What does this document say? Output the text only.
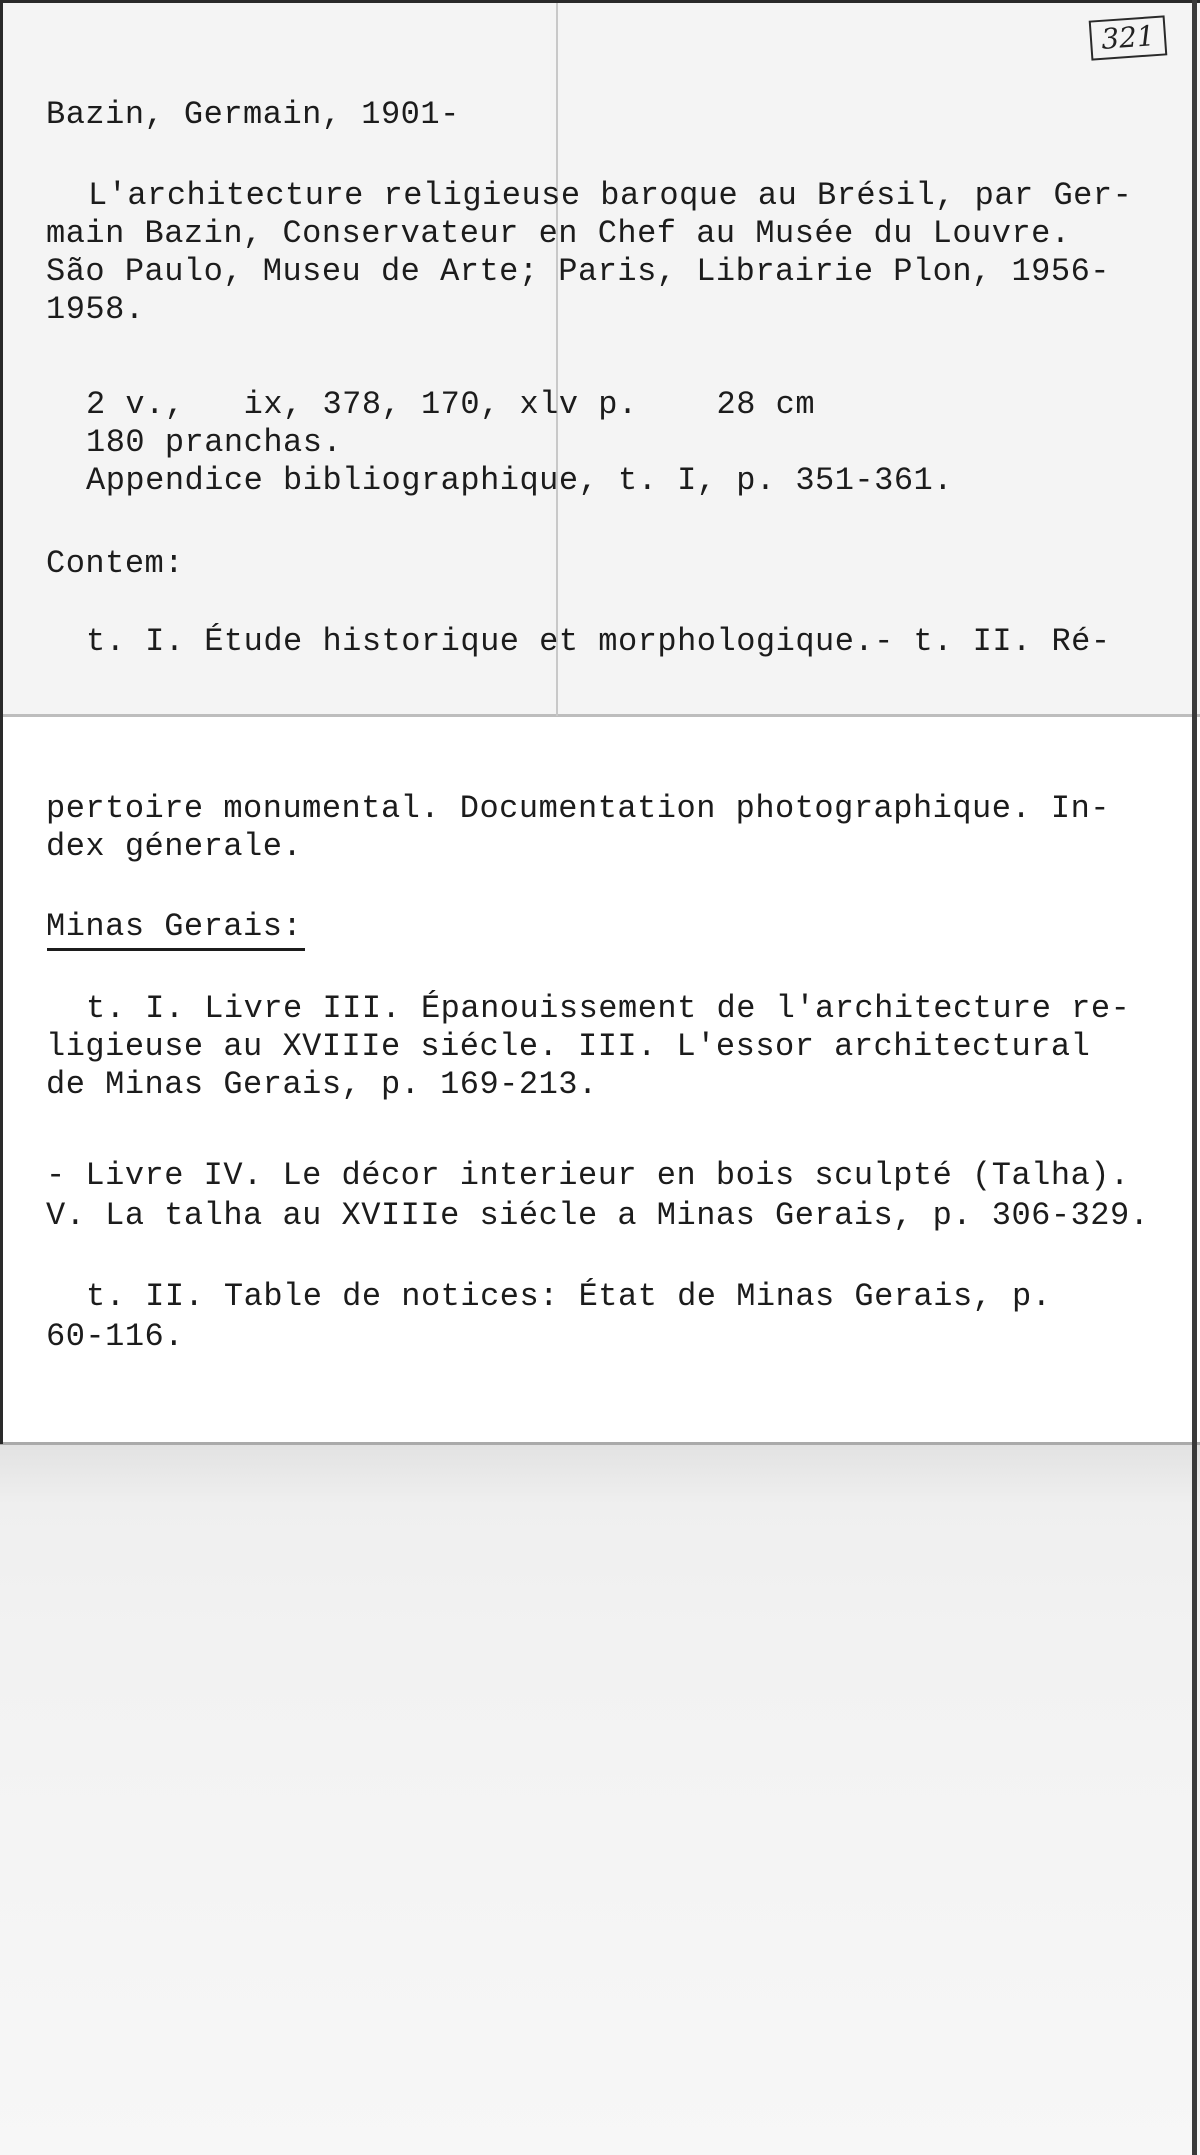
321
Bazin, Germain, 1901-
L'architecture religieuse baroque au Brésil, par Ger-
main Bazin, Conservateur en Chef au Musée du Louvre.
São Paulo, Museu de Arte; Paris, Librairie Plon, 1956-
1958.
2 v.,   ix, 378, 170, xlv p.    28 cm
180 pranchas.
Appendice bibliographique, t. I, p. 351-361.
Contem:
t. I. Étude historique et morphologique.- t. II. Ré-
pertoire monumental. Documentation photographique. In-
dex génerale.
Minas Gerais:
t. I. Livre III. Épanouissement de l'architecture re-
ligieuse au XVIIIe siécle. III. L'essor architectural
de Minas Gerais, p. 169-213.
- Livre IV. Le décor interieur en bois sculpté (Talha).
V. La talha au XVIIIe siécle a Minas Gerais, p. 306-329.
t. II. Table de notices: État de Minas Gerais, p.
60-116.
